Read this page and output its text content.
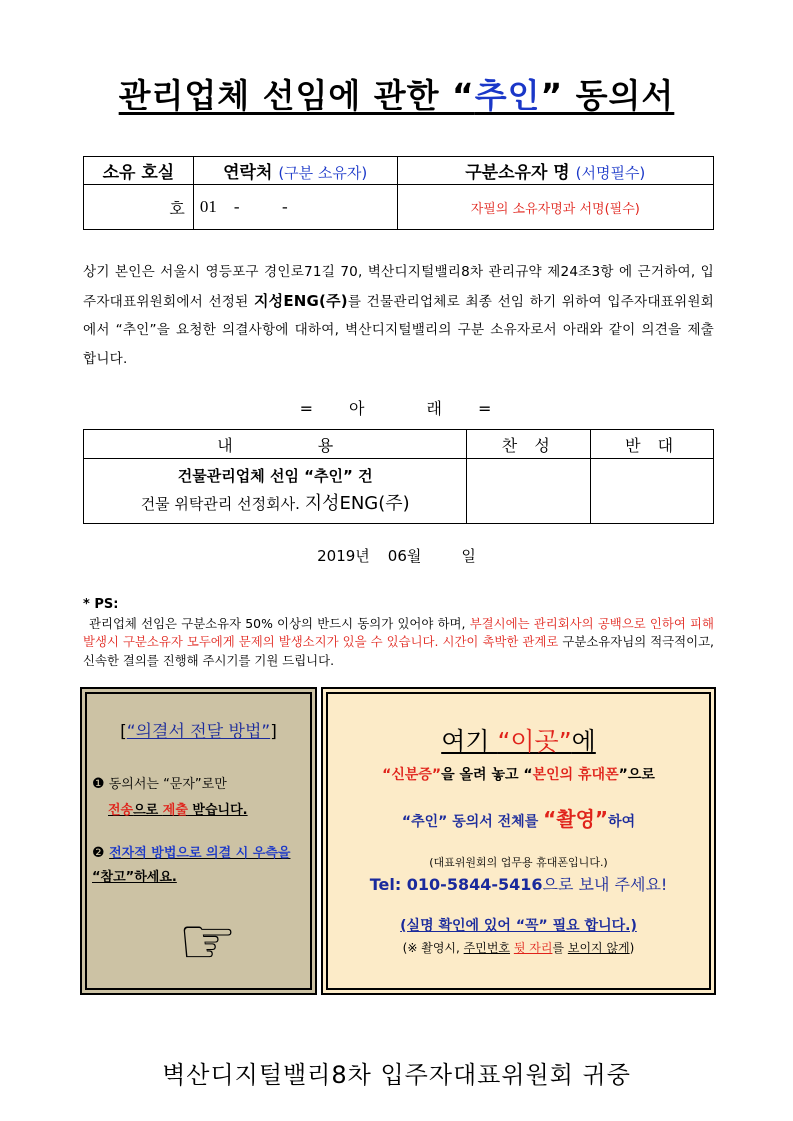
관리업체 선임에 관한 “추인” 동의서
소유 호실	연락처 (구분 소유자)	구분소유자 명 (서명필수)
호	01    -          -	자필의 소유자명과 서명(필수)
상기 본인은 서울시 영등포구 경인로71길 70, 벽산디지털밸리8차 관리규약 제24조3항 에 근거하여, 입주자대표위원회에서 선정된 지성ENG(주)를 건물관리업체로 최종 선임 하기 위하여 입주자대표위원회에서 “추인”을 요청한 의결사항에 대하여, 벽산디지털밸리의 구분 소유자로서 아래와 같이 의견을 제출 합니다.
= 아	래 =
내 용	찬 성	반 대

건물관리업체 선임 “추인” 건
건물 위탁관리 선정회사. 지성ENG(주)		

2019년 06월	일
* PS:
관리업체 선임은 구분소유자 50% 이상의 반드시 동의가 있어야 하며, 부결시에는 관리회사의 공백으로 인하여 피해발생시 구분소유자 모두에게 문제의 발생소지가 있을 수 있습니다. 시간이 촉박한 관계로 구분소유자님의 적극적이고, 신속한 결의를 진행해 주시기를 기원 드립니다.
[“의결서 전달 방법”]
❶ 동의서는 “문자”로만
전송으로 제출 받습니다.
❷ 전자적 방법으로 의결 시 우측을 “참고”하세요.
☞
여기 “이곳”에
“신분증”을 올려 놓고 “본인의 휴대폰”으로
“추인” 동의서 전체를 “촬영”하여
(대표위원회의 업무용 휴대폰입니다.)
Tel: 010-5844-5416으로 보내 주세요!
(실명 확인에 있어 “꼭” 필요 합니다.)
(※ 촬영시, 주민번호 뒷 자리를 보이지 않게)
벽산디지털밸리8차 입주자대표위원회 귀중
